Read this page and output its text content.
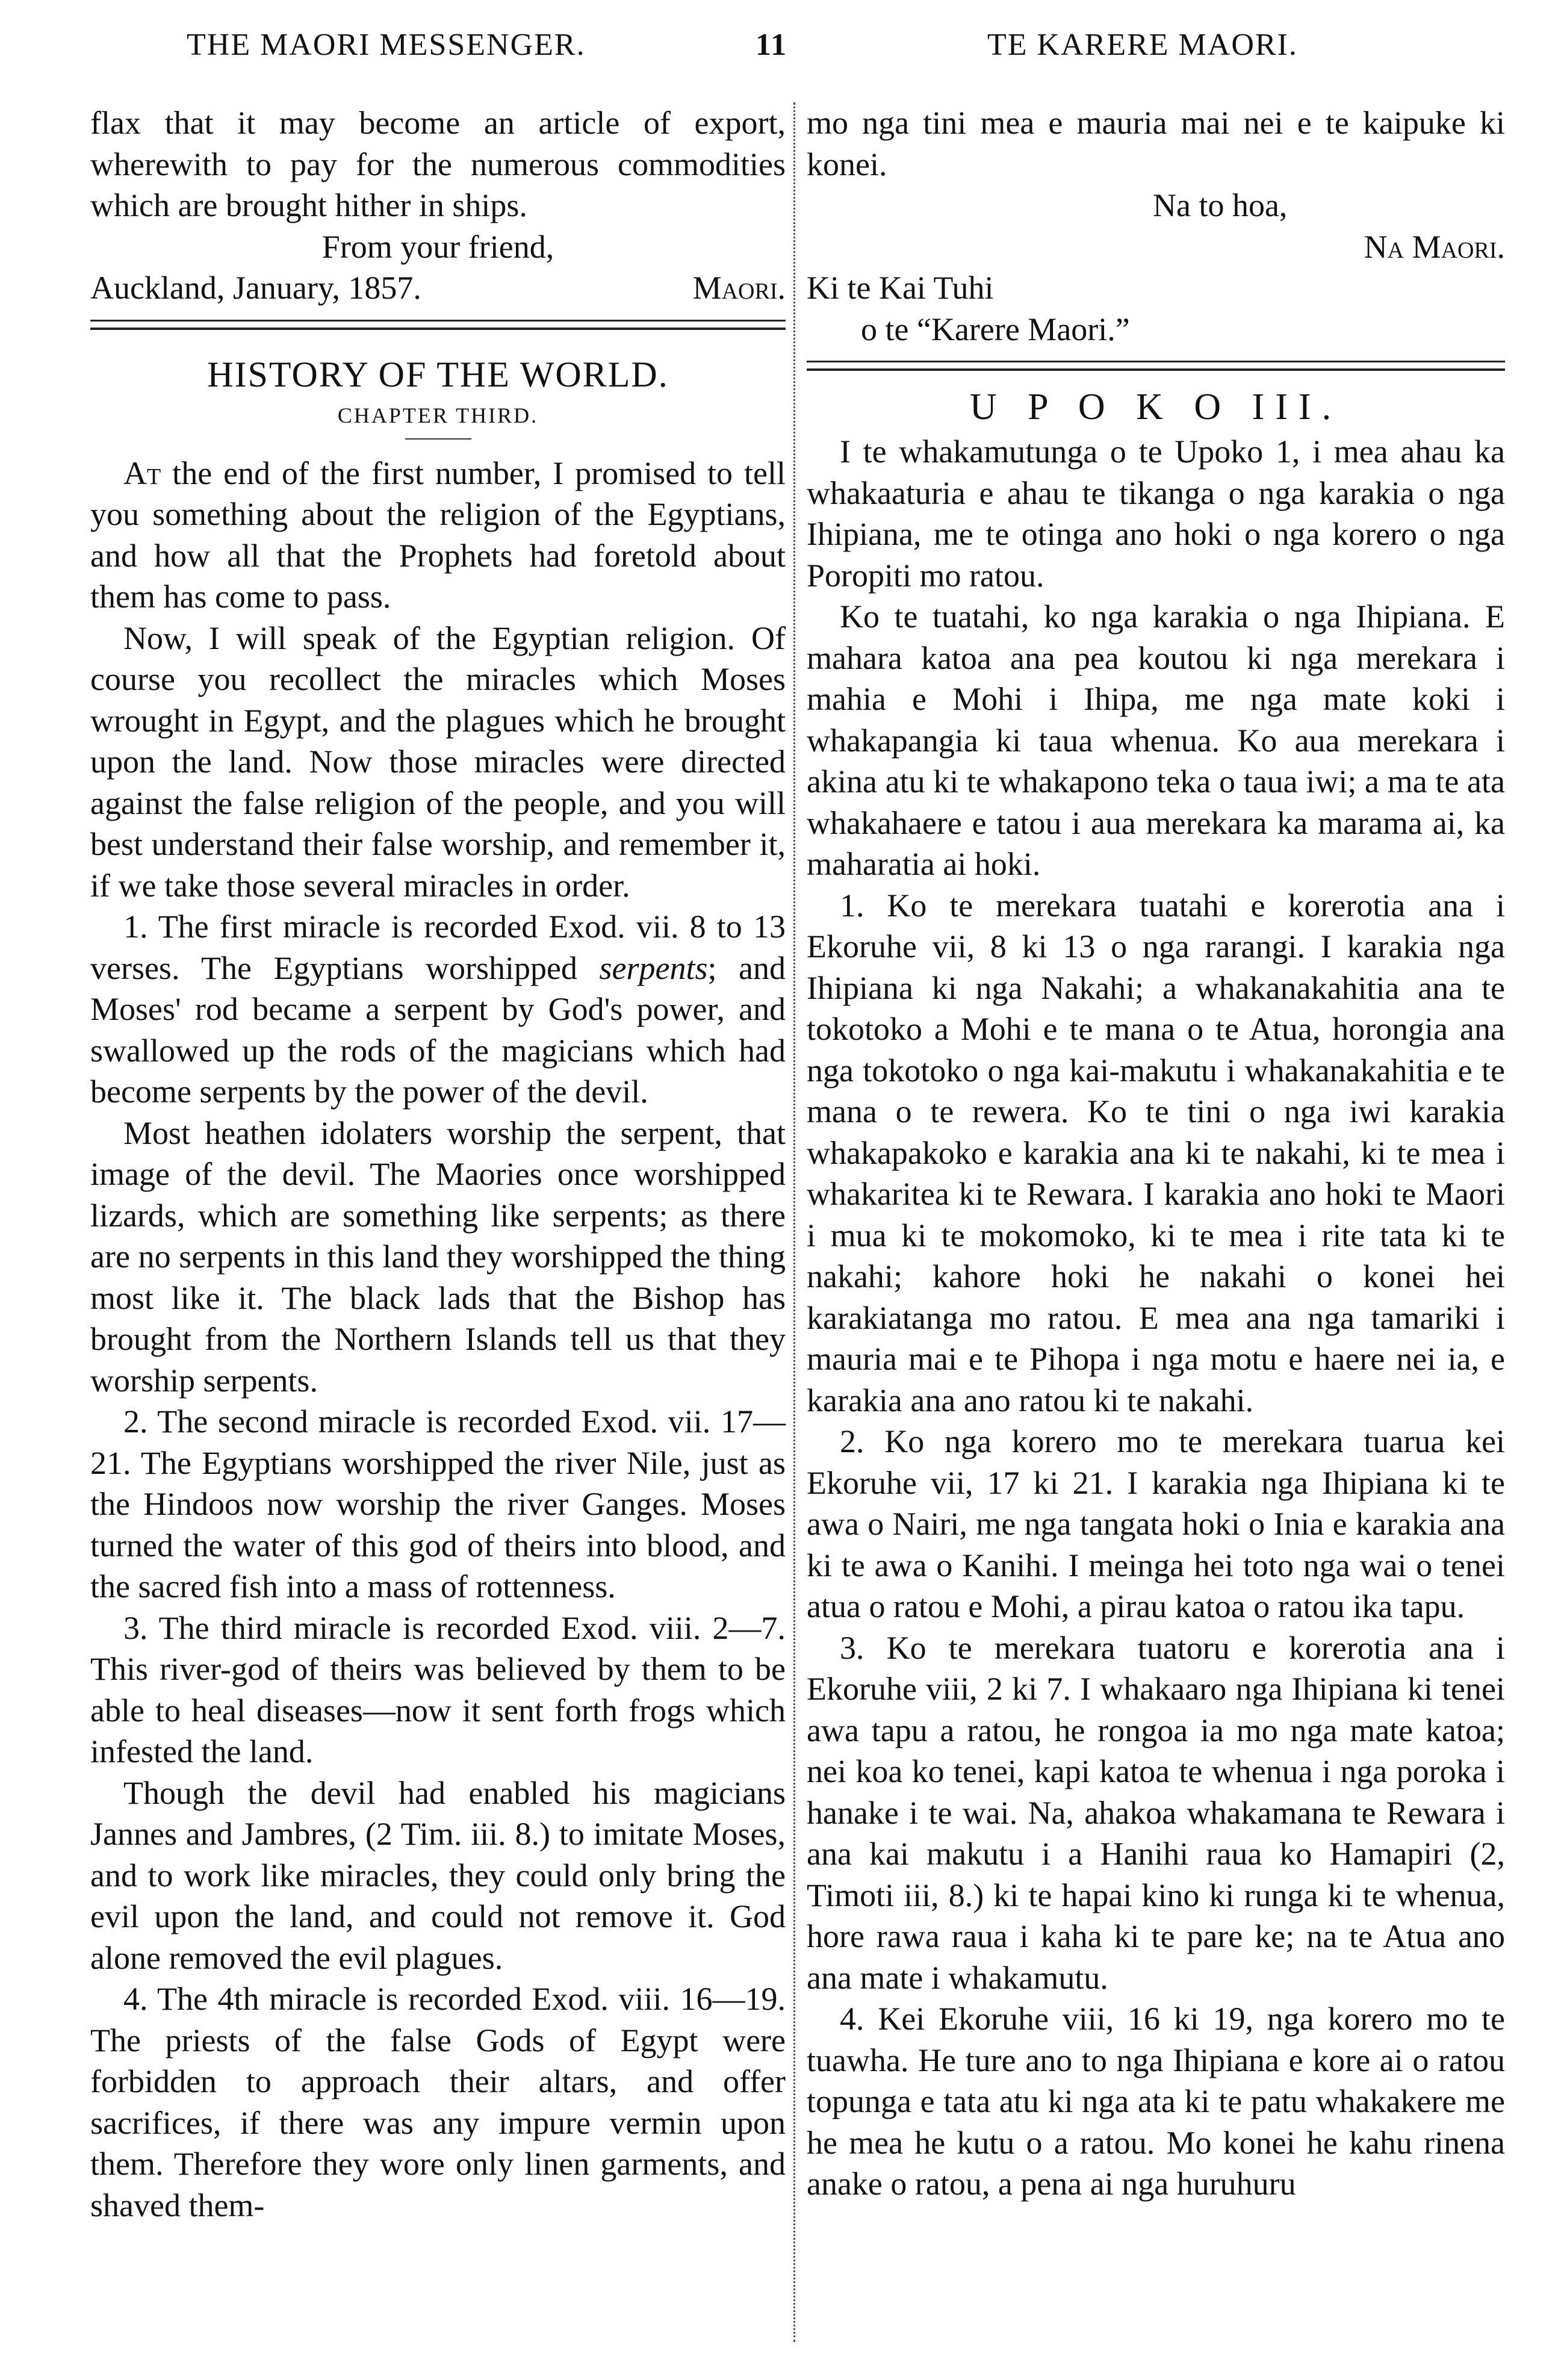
THE MAORI MESSENGER.	11	TE KARERE MAORI.

flax that it may become an article of export, wherewith to pay for the numerous commodities which are brought hither in ships.

From your friend,

Auckland, January, 1857.	Maori.

HISTORY OF THE WORLD.
CHAPTER THIRD.

At the end of the first number, I promised to tell you something about the religion of the Egyptians, and how all that the Prophets had foretold about them has come to pass.

Now, I will speak of the Egyptian religion. Of course you recollect the miracles which Moses wrought in Egypt, and the plagues which he brought upon the land. Now those miracles were directed against the false religion of the people, and you will best understand their false worship, and remember it, if we take those several miracles in order.

1. The first miracle is recorded Exod. vii. 8 to 13 verses. The Egyptians worshipped serpents; and Moses' rod became a serpent by God's power, and swallowed up the rods of the magicians which had become serpents by the power of the devil.

Most heathen idolaters worship the serpent, that image of the devil. The Maories once worshipped lizards, which are something like serpents; as there are no serpents in this land they worshipped the thing most like it. The black lads that the Bishop has brought from the Northern Islands tell us that they worship serpents.

2. The second miracle is recorded Exod. vii. 17—21. The Egyptians worshipped the river Nile, just as the Hindoos now worship the river Ganges. Moses turned the water of this god of theirs into blood, and the sacred fish into a mass of rottenness.

3. The third miracle is recorded Exod. viii. 2—7. This river-god of theirs was believed by them to be able to heal diseases—now it sent forth frogs which infested the land.

Though the devil had enabled his magicians Jannes and Jambres, (2 Tim. iii. 8.) to imitate Moses, and to work like miracles, they could only bring the evil upon the land, and could not remove it. God alone removed the evil plagues.

4. The 4th miracle is recorded Exod. viii. 16—19. The priests of the false Gods of Egypt were forbidden to approach their altars, and offer sacrifices, if there was any impure vermin upon them. Therefore they wore only linen garments, and shaved them-

mo nga tini mea e mauria mai nei e te kaipuke ki konei.

Na to hoa,

Na Maori.

Ki te Kai Tuhi

o te “Karere Maori.”

U P O K O III.

I te whakamutunga o te Upoko 1, i mea ahau ka whakaaturia e ahau te tikanga o nga karakia o nga Ihipiana, me te otinga ano hoki o nga korero o nga Poropiti mo ratou.

Ko te tuatahi, ko nga karakia o nga Ihipiana. E mahara katoa ana pea koutou ki nga merekara i mahia e Mohi i Ihipa, me nga mate koki i whakapangia ki taua whenua. Ko aua merekara i akina atu ki te whakapono teka o taua iwi; a ma te ata whakahaere e tatou i aua merekara ka marama ai, ka maharatia ai hoki.

1. Ko te merekara tuatahi e korerotia ana i Ekoruhe vii, 8 ki 13 o nga rarangi. I karakia nga Ihipiana ki nga Nakahi; a whakanakahitia ana te tokotoko a Mohi e te mana o te Atua, horongia ana nga tokotoko o nga kai-makutu i whakanakahitia e te mana o te rewera. Ko te tini o nga iwi karakia whakapakoko e karakia ana ki te nakahi, ki te mea i whakaritea ki te Rewara. I karakia ano hoki te Maori i mua ki te mokomoko, ki te mea i rite tata ki te nakahi; kahore hoki he nakahi o konei hei karakiatanga mo ratou. E mea ana nga tamariki i mauria mai e te Pihopa i nga motu e haere nei ia, e karakia ana ano ratou ki te nakahi.

2. Ko nga korero mo te merekara tuarua kei Ekoruhe vii, 17 ki 21. I karakia nga Ihipiana ki te awa o Nairi, me nga tangata hoki o Inia e karakia ana ki te awa o Kanihi. I meinga hei toto nga wai o tenei atua o ratou e Mohi, a pirau katoa o ratou ika tapu.

3. Ko te merekara tuatoru e korerotia ana i Ekoruhe viii, 2 ki 7. I whakaaro nga Ihipiana ki tenei awa tapu a ratou, he rongoa ia mo nga mate katoa; nei koa ko tenei, kapi katoa te whenua i nga poroka i hanake i te wai. Na, ahakoa whakamana te Rewara i ana kai makutu i a Hanihi raua ko Hamapiri (2, Timoti iii, 8.) ki te hapai kino ki runga ki te whenua, hore rawa raua i kaha ki te pare ke; na te Atua ano ana matе i whakamutu.

4. Kei Ekoruhe viii, 16 ki 19, nga korero mo te tuawha. He ture ano to nga Ihipiana e kore ai o ratou topunga e tata atu ki nga ata ki te patu whakakere me he mea he kutu o a ratou. Mo konei he kahu rinena anake o ratou, a pena ai nga huruhuru
